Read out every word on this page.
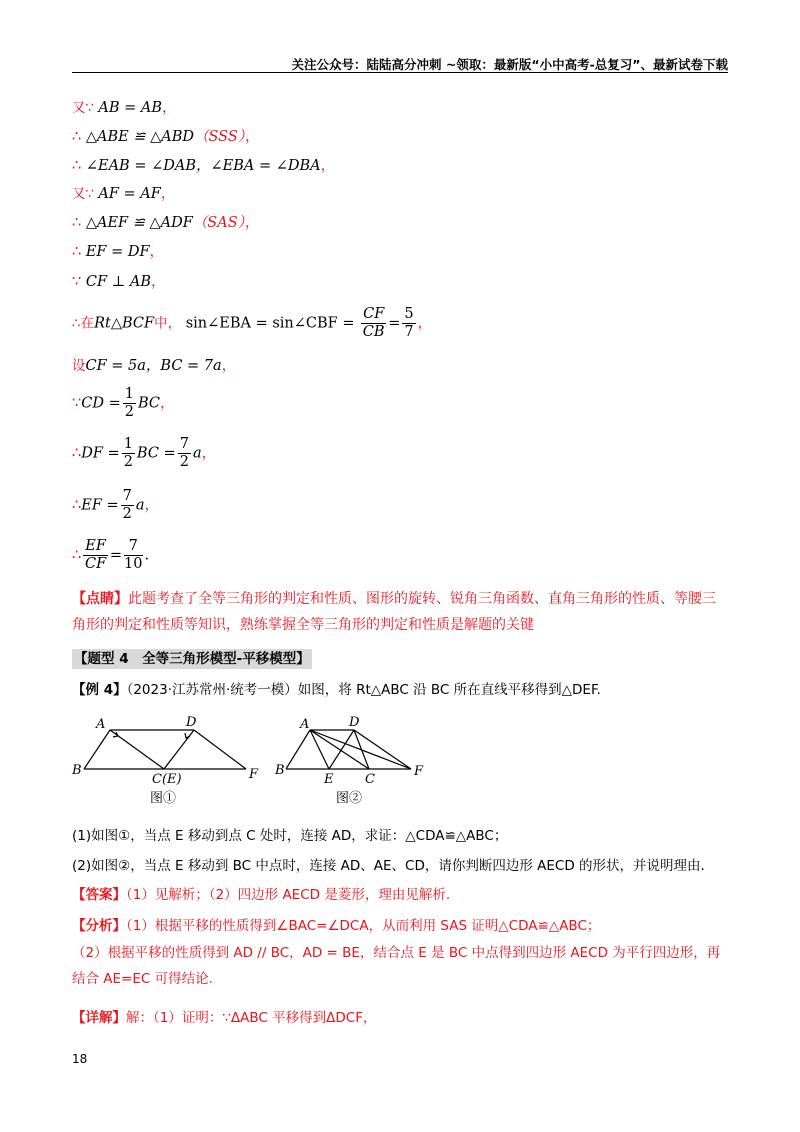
关注公众号：陆陆高分冲刺 ~领取：最新版“小中高考-总复习”、最新试卷下载
又∵ AB = AB，
∴ △ABE ≌ △ABD（SSS），
∴ ∠EAB = ∠DAB，∠EBA = ∠DBA，
又∵ AF = AF，
∴ △AEF ≌ △ADF（SAS），
∴ EF = DF，
∵ CF ⊥ AB，
∴在Rt△BCF中， sin∠EBA = sin∠CBF = $\frac{CF}{CB} = \frac{5}{7}$ ，
设CF = 5a，BC = 7a，
∵CD = $\frac{1}{2}$ BC，
∴DF = $\frac{1}{2}$ BC = $\frac{7}{2}$ a，
∴EF = $\frac{7}{2}$ a，
∴ $\frac{EF}{CF} = \frac{7}{10}$ .
【点睛】此题考查了全等三角形的判定和性质、图形的旋转、锐角三角函数、直角三角形的性质、等腰三角形的判定和性质等知识，熟练掌握全等三角形的判定和性质是解题的关键
【题型 4　全等三角形模型-平移模型】
【例 4】（2023·江苏常州·统考一模）如图，将 Rt△ABC 沿 BC 所在直线平移得到△DEF.
A	D
B
C(E)	F
图①
A	D
B
E C
F
图②
(1)如图①，当点 E 移动到点 C 处时，连接 AD，求证：△CDA≌△ABC；
(2)如图②，当点 E 移动到 BC 中点时，连接 AD、AE、CD，请你判断四边形 AECD 的形状，并说明理由.
【答案】（1）见解析；（2）四边形 AECD 是菱形，理由见解析.
【分析】（1）根据平移的性质得到∠BAC=∠DCA，从而利用 SAS 证明△CDA≌△ABC；
（2）根据平移的性质得到 AD // BC，AD = BE，结合点 E 是 BC 中点得到四边形 AECD 为平行四边形，再结合 AE=EC 可得结论.
【详解】解：（1）证明：∵ΔABC 平移得到ΔDCF，
18
